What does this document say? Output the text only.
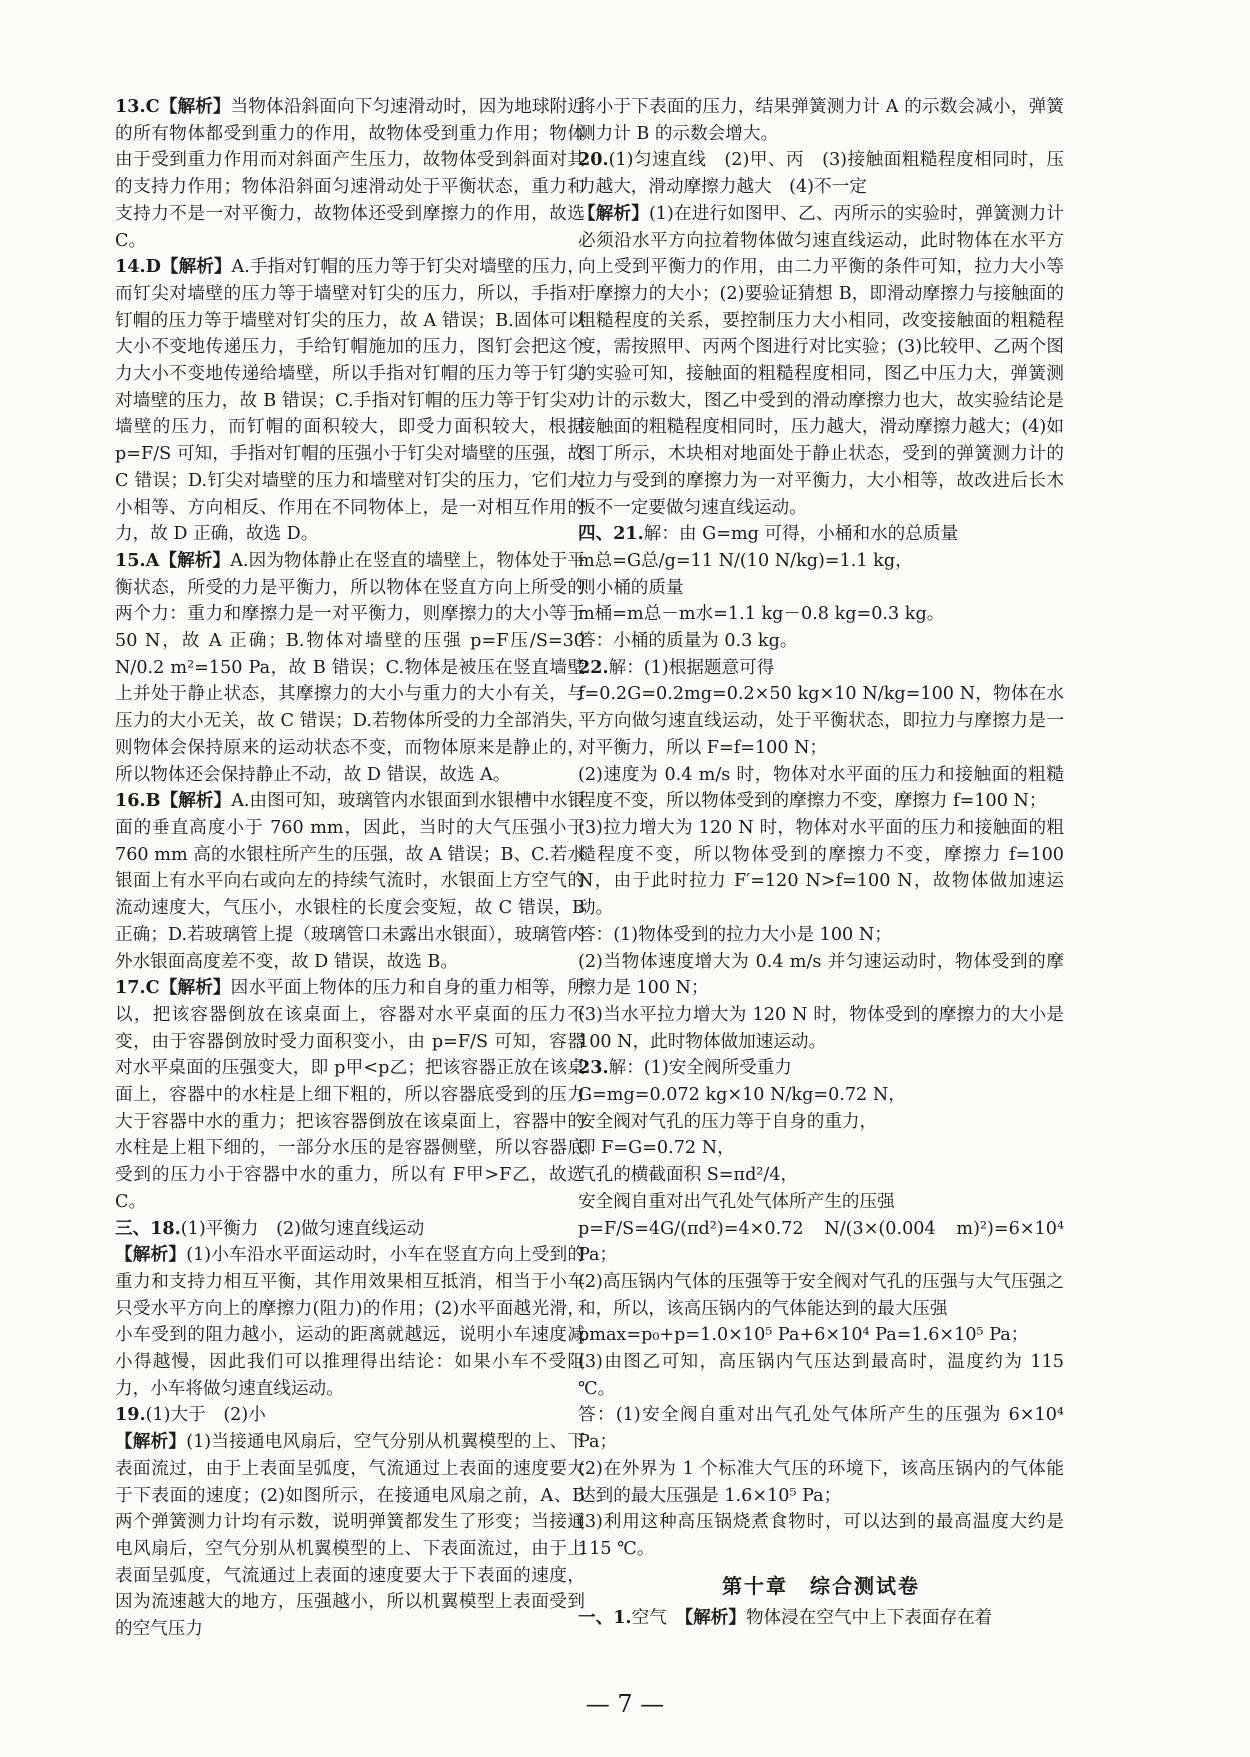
13.C【解析】当物体沿斜面向下匀速滑动时，因为地球附近的所有物体都受到重力的作用，故物体受到重力作用；物体由于受到重力作用而对斜面产生压力，故物体受到斜面对其的支持力作用；物体沿斜面匀速滑动处于平衡状态，重力和支持力不是一对平衡力，故物体还受到摩擦力的作用，故选 C。

14.D【解析】A.手指对钉帽的压力等于钉尖对墙壁的压力，而钉尖对墙壁的压力等于墙壁对钉尖的压力，所以，手指对钉帽的压力等于墙壁对钉尖的压力，故 A 错误；B.固体可以大小不变地传递压力，手给钉帽施加的压力，图钉会把这个力大小不变地传递给墙壁，所以手指对钉帽的压力等于钉尖对墙壁的压力，故 B 错误；C.手指对钉帽的压力等于钉尖对墙壁的压力，而钉帽的面积较大，即受力面积较大，根据 p=F/S 可知，手指对钉帽的压强小于钉尖对墙壁的压强，故 C 错误；D.钉尖对墙壁的压力和墙壁对钉尖的压力，它们大小相等、方向相反、作用在不同物体上，是一对相互作用的力，故 D 正确，故选 D。

15.A【解析】A.因为物体静止在竖直的墙壁上，物体处于平衡状态，所受的力是平衡力，所以物体在竖直方向上所受的两个力：重力和摩擦力是一对平衡力，则摩擦力的大小等于 50 N，故 A 正确；B.物体对墙壁的压强 p=F压/S=30 N/0.2 m²=150 Pa，故 B 错误；C.物体是被压在竖直墙壁上并处于静止状态，其摩擦力的大小与重力的大小有关，与压力的大小无关，故 C 错误；D.若物体所受的力全部消失，则物体会保持原来的运动状态不变，而物体原来是静止的，所以物体还会保持静止不动，故 D 错误，故选 A。

16.B【解析】A.由图可知，玻璃管内水银面到水银槽中水银面的垂直高度小于 760 mm，因此，当时的大气压强小于 760 mm 高的水银柱所产生的压强，故 A 错误；B、C.若水银面上有水平向右或向左的持续气流时，水银面上方空气的流动速度大，气压小，水银柱的长度会变短，故 C 错误，B 正确；D.若玻璃管上提（玻璃管口未露出水银面），玻璃管内外水银面高度差不变，故 D 错误，故选 B。

17.C【解析】因水平面上物体的压力和自身的重力相等，所以，把该容器倒放在该桌面上，容器对水平桌面的压力不变，由于容器倒放时受力面积变小，由 p=F/S 可知，容器对水平桌面的压强变大，即 p甲<p乙；把该容器正放在该桌面上，容器中的水柱是上细下粗的，所以容器底受到的压力大于容器中水的重力；把该容器倒放在该桌面上，容器中的水柱是上粗下细的，一部分水压的是容器侧壁，所以容器底受到的压力小于容器中水的重力，所以有 F甲>F乙，故选 C。

三、18.(1)平衡力　(2)做匀速直线运动

【解析】(1)小车沿水平面运动时，小车在竖直方向上受到的重力和支持力相互平衡，其作用效果相互抵消，相当于小车只受水平方向上的摩擦力(阻力)的作用；(2)水平面越光滑，小车受到的阻力越小，运动的距离就越远，说明小车速度减小得越慢，因此我们可以推理得出结论：如果小车不受阻力，小车将做匀速直线运动。

19.(1)大于　(2)小

【解析】(1)当接通电风扇后，空气分别从机翼模型的上、下表面流过，由于上表面呈弧度，气流通过上表面的速度要大于下表面的速度；(2)如图所示，在接通电风扇之前，A、B 两个弹簧测力计均有示数，说明弹簧都发生了形变；当接通电风扇后，空气分别从机翼模型的上、下表面流过，由于上表面呈弧度，气流通过上表面的速度要大于下表面的速度，因为流速越大的地方，压强越小，所以机翼模型上表面受到的空气压力

将小于下表面的压力，结果弹簧测力计 A 的示数会减小，弹簧测力计 B 的示数会增大。

20.(1)匀速直线　(2)甲、丙　(3)接触面粗糙程度相同时，压力越大，滑动摩擦力越大　(4)不一定

【解析】(1)在进行如图甲、乙、丙所示的实验时，弹簧测力计必须沿水平方向拉着物体做匀速直线运动，此时物体在水平方向上受到平衡力的作用，由二力平衡的条件可知，拉力大小等于摩擦力的大小；(2)要验证猜想 B，即滑动摩擦力与接触面的粗糙程度的关系，要控制压力大小相同，改变接触面的粗糙程度，需按照甲、丙两个图进行对比实验；(3)比较甲、乙两个图的实验可知，接触面的粗糙程度相同，图乙中压力大，弹簧测力计的示数大，图乙中受到的滑动摩擦力也大，故实验结论是接触面的粗糙程度相同时，压力越大，滑动摩擦力越大；(4)如图丁所示，木块相对地面处于静止状态，受到的弹簧测力计的拉力与受到的摩擦力为一对平衡力，大小相等，故改进后长木板不一定要做匀速直线运动。

四、21.解：由 G=mg 可得，小桶和水的总质量

m总=G总/g=11 N/(10 N/kg)=1.1 kg，

则小桶的质量

m桶=m总－m水=1.1 kg－0.8 kg=0.3 kg。

答：小桶的质量为 0.3 kg。

22.解：(1)根据题意可得

f=0.2G=0.2mg=0.2×50 kg×10 N/kg=100 N，物体在水平方向做匀速直线运动，处于平衡状态，即拉力与摩擦力是一对平衡力，所以 F=f=100 N；

(2)速度为 0.4 m/s 时，物体对水平面的压力和接触面的粗糙程度不变，所以物体受到的摩擦力不变，摩擦力 f=100 N；

(3)拉力增大为 120 N 时，物体对水平面的压力和接触面的粗糙程度不变，所以物体受到的摩擦力不变，摩擦力 f=100 N，由于此时拉力 F′=120 N>f=100 N，故物体做加速运动。

答：(1)物体受到的拉力大小是 100 N；

(2)当物体速度增大为 0.4 m/s 并匀速运动时，物体受到的摩擦力是 100 N；

(3)当水平拉力增大为 120 N 时，物体受到的摩擦力的大小是 100 N，此时物体做加速运动。

23.解：(1)安全阀所受重力

G=mg=0.072 kg×10 N/kg=0.72 N，

安全阀对气孔的压力等于自身的重力，

即 F=G=0.72 N，

气孔的横截面积 S=πd²/4，

安全阀自重对出气孔处气体所产生的压强

p=F/S=4G/(πd²)=4×0.72 N/(3×(0.004 m)²)=6×10⁴ Pa；

(2)高压锅内气体的压强等于安全阀对气孔的压强与大气压强之和，所以，该高压锅内的气体能达到的最大压强

pmax=p₀+p=1.0×10⁵ Pa+6×10⁴ Pa=1.6×10⁵ Pa；

(3)由图乙可知，高压锅内气压达到最高时，温度约为 115 ℃。

答：(1)安全阀自重对出气孔处气体所产生的压强为 6×10⁴ Pa；

(2)在外界为 1 个标准大气压的环境下，该高压锅内的气体能达到的最大压强是 1.6×10⁵ Pa；

(3)利用这种高压锅烧煮食物时，可以达到的最高温度大约是 115 ℃。

第十章　综合测试卷

一、1.空气　【解析】物体浸在空气中上下表面存在着

— 7 —
